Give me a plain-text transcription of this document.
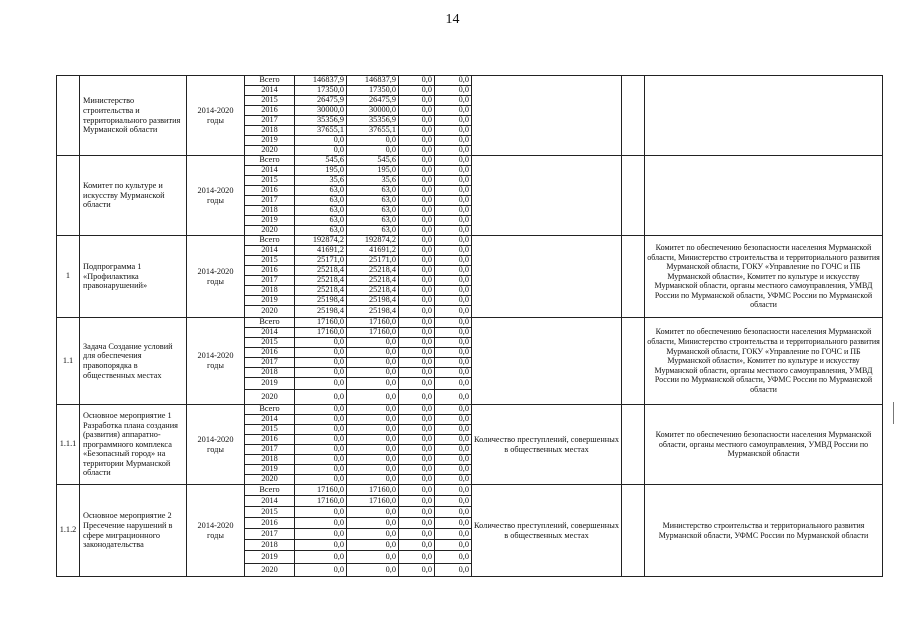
14
	Министерство строительства и территориального развития Мурманской области	2014-2020 годы	Всего	146837,9	146837,9	0,0	0,0			
			2014	17350,0	17350,0	0,0	0,0			
			2015	26475,9	26475,9	0,0	0,0			
			2016	30000,0	30000,0	0,0	0,0			
			2017	35356,9	35356,9	0,0	0,0			
			2018	37655,1	37655,1	0,0	0,0			
			2019	0,0	0,0	0,0	0,0			
			2020	0,0	0,0	0,0	0,0			
	Комитет по культуре и искусству Мурманской области	2014-2020 годы	Всего	545,6	545,6	0,0	0,0			
			2014	195,0	195,0	0,0	0,0			
			2015	35,6	35,6	0,0	0,0			
			2016	63,0	63,0	0,0	0,0			
			2017	63,0	63,0	0,0	0,0			
			2018	63,0	63,0	0,0	0,0			
			2019	63,0	63,0	0,0	0,0			
			2020	63,0	63,0	0,0	0,0			
1	Подпрограмма 1 «Профилактика правонарушений»	2014-2020 годы	Всего	192874,2	192874,2	0,0	0,0			Комитет по обеспечению безопасности населения Мурманской области, Министерство строительства и территориального развития Мурманской области, ГОКУ «Управление по ГОЧС и ПБ Мурманской области», Комитет по культуре и искусству Мурманской области, органы местного самоуправления, УМВД России по Мурманской области, УФМС России по Мурманской области
			2014	41691,2	41691,2	0,0	0,0			
			2015	25171,0	25171,0	0,0	0,0			
			2016	25218,4	25218,4	0,0	0,0			
			2017	25218,4	25218,4	0,0	0,0			
			2018	25218,4	25218,4	0,0	0,0			
			2019	25198,4	25198,4	0,0	0,0			
			2020	25198,4	25198,4	0,0	0,0			
1.1	Задача Создание условий для обеспечения правопорядка в общественных местах	2014-2020 годы	Всего	17160,0	17160,0	0,0	0,0			Комитет по обеспечению безопасности населения Мурманской области, Министерство строительства и территориального развития Мурманской области, ГОКУ «Управление по ГОЧС и ПБ Мурманской области», Комитет по культуре и искусству Мурманской области, органы местного самоуправления, УМВД России по Мурманской области, УФМС России по Мурманской области
			2014	17160,0	17160,0	0,0	0,0			
			2015	0,0	0,0	0,0	0,0			
			2016	0,0	0,0	0,0	0,0			
			2017	0,0	0,0	0,0	0,0			
			2018	0,0	0,0	0,0	0,0			
			2019	0,0	0,0	0,0	0,0			
			2020	0,0	0,0	0,0	0,0			
1.1.1	Основное мероприятие 1 Разработка плана создания (развития) аппаратно-программного комплекса «Безопасный город» на территории Мурманской области	2014-2020 годы	Всего	0,0	0,0	0,0	0,0	Количество преступлений, совершенных в общественных местах		Комитет по обеспечению безопасности населения Мурманской области, органы местного самоуправления, УМВД России по Мурманской области
			2014	0,0	0,0	0,0	0,0			
			2015	0,0	0,0	0,0	0,0			
			2016	0,0	0,0	0,0	0,0			
			2017	0,0	0,0	0,0	0,0			
			2018	0,0	0,0	0,0	0,0			
			2019	0,0	0,0	0,0	0,0			
			2020	0,0	0,0	0,0	0,0			
1.1.2	Основное мероприятие 2 Пресечение нарушений в сфере миграционного законодательства	2014-2020 годы	Всего	17160,0	17160,0	0,0	0,0	Количество преступлений, совершенных в общественных местах		Министерство строительства и территориального развития Мурманской области, УФМС России по Мурманской области
			2014	17160,0	17160,0	0,0	0,0			
			2015	0,0	0,0	0,0	0,0			
			2016	0,0	0,0	0,0	0,0			
			2017	0,0	0,0	0,0	0,0			
			2018	0,0	0,0	0,0	0,0			
			2019	0,0	0,0	0,0	0,0			
			2020	0,0	0,0	0,0	0,0			
